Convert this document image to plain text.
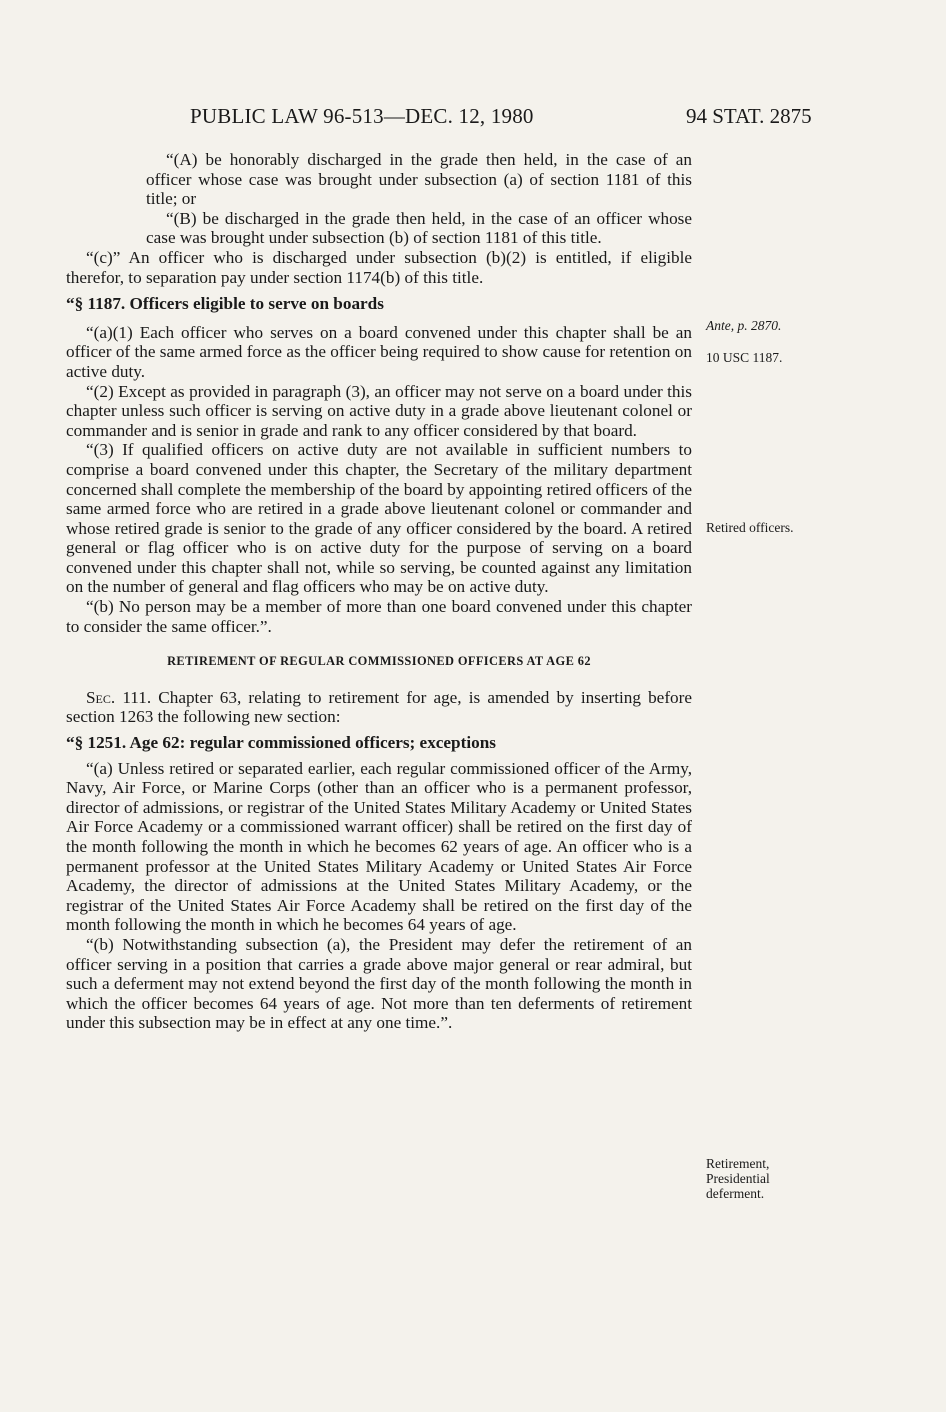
PUBLIC LAW 96-513—DEC. 12, 1980	94 STAT. 2875

“(A) be honorably discharged in the grade then held, in the case of an officer whose case was brought under subsection (a) of section 1181 of this title; or

“(B) be discharged in the grade then held, in the case of an officer whose case was brought under subsection (b) of section 1181 of this title.

“(c)” An officer who is discharged under subsection (b)(2) is entitled, if eligible therefor, to separation pay under section 1174(b) of this title.

“§ 1187. Officers eligible to serve on boards

“(a)(1) Each officer who serves on a board convened under this chapter shall be an officer of the same armed force as the officer being required to show cause for retention on active duty.

“(2) Except as provided in paragraph (3), an officer may not serve on a board under this chapter unless such officer is serving on active duty in a grade above lieutenant colonel or commander and is senior in grade and rank to any officer considered by that board.

“(3) If qualified officers on active duty are not available in sufficient numbers to comprise a board convened under this chapter, the Secretary of the military department concerned shall complete the membership of the board by appointing retired officers of the same armed force who are retired in a grade above lieutenant colonel or commander and whose retired grade is senior to the grade of any officer considered by the board. A retired general or flag officer who is on active duty for the purpose of serving on a board convened under this chapter shall not, while so serving, be counted against any limitation on the number of general and flag officers who may be on active duty.

“(b) No person may be a member of more than one board convened under this chapter to consider the same officer.”.

RETIREMENT OF REGULAR COMMISSIONED OFFICERS AT AGE 62

Sec. 111. Chapter 63, relating to retirement for age, is amended by inserting before section 1263 the following new section:

“§ 1251. Age 62: regular commissioned officers; exceptions

“(a) Unless retired or separated earlier, each regular commissioned officer of the Army, Navy, Air Force, or Marine Corps (other than an officer who is a permanent professor, director of admissions, or registrar of the United States Military Academy or United States Air Force Academy or a commissioned warrant officer) shall be retired on the first day of the month following the month in which he becomes 62 years of age. An officer who is a permanent professor at the United States Military Academy or United States Air Force Academy, the director of admissions at the United States Military Academy, or the registrar of the United States Air Force Academy shall be retired on the first day of the month following the month in which he becomes 64 years of age.

“(b) Notwithstanding subsection (a), the President may defer the retirement of an officer serving in a position that carries a grade above major general or rear admiral, but such a deferment may not extend beyond the first day of the month following the month in which the officer becomes 64 years of age. Not more than ten deferments of retirement under this subsection may be in effect at any one time.”.

Ante, p. 2870.
10 USC 1187.
Retired officers.
Retirement,
Presidential
deferment.
